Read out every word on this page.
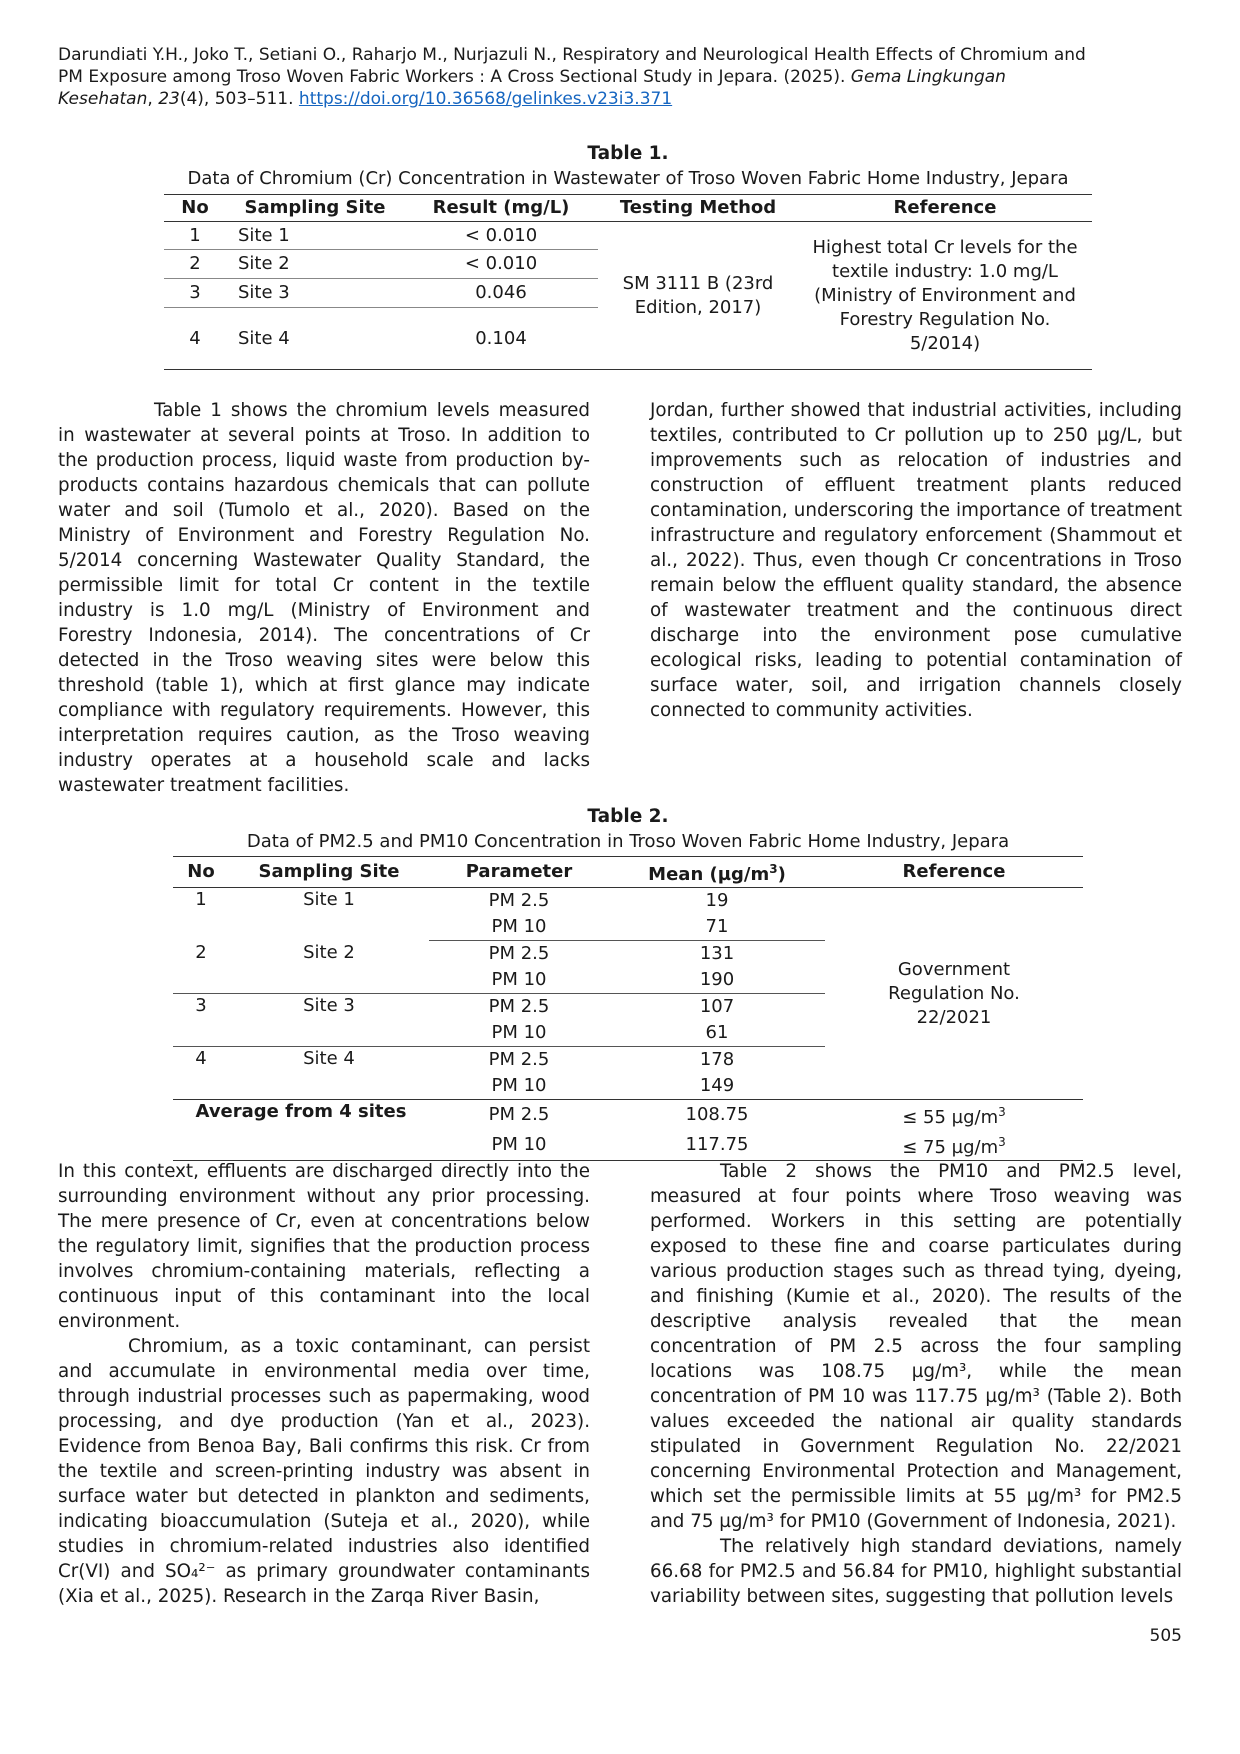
Darundiati Y.H., Joko T., Setiani O., Raharjo M., Nurjazuli N., Respiratory and Neurological Health Effects of Chromium and PM Exposure among Troso Woven Fabric Workers : A Cross Sectional Study in Jepara. (2025). Gema Lingkungan Kesehatan, 23(4), 503–511. https://doi.org/10.36568/gelinkes.v23i3.371
Table 1.
Data of Chromium (Cr) Concentration in Wastewater of Troso Woven Fabric Home Industry, Jepara
No	Sampling Site	Result (mg/L)	Testing Method	Reference
1	Site 1	< 0.010	SM 3111 B (23rd Edition, 2017)	Highest total Cr levels for the textile industry: 1.0 mg/L (Ministry of Environment and Forestry Regulation No. 5/2014)
2	Site 2	< 0.010		
3	Site 3	0.046		
4	Site 4	0.104		

Table 1 shows the chromium levels measured in wastewater at several points at Troso. In addition to the production process, liquid waste from production by-products contains hazardous chemicals that can pollute water and soil (Tumolo et al., 2020). Based on the Ministry of Environment and Forestry Regulation No. 5/2014 concerning Wastewater Quality Standard, the permissible limit for total Cr content in the textile industry is 1.0 mg/L (Ministry of Environment and Forestry Indonesia, 2014). The concentrations of Cr detected in the Troso weaving sites were below this threshold (table 1), which at first glance may indicate compliance with regulatory requirements. However, this interpretation requires caution, as the Troso weaving industry operates at a household scale and lacks wastewater treatment facilities.

Jordan, further showed that industrial activities, including textiles, contributed to Cr pollution up to 250 µg/L, but improvements such as relocation of industries and construction of effluent treatment plants reduced contamination, underscoring the importance of treatment infrastructure and regulatory enforcement (Shammout et al., 2022). Thus, even though Cr concentrations in Troso remain below the effluent quality standard, the absence of wastewater treatment and the continuous direct discharge into the environment pose cumulative ecological risks, leading to potential contamination of surface water, soil, and irrigation channels closely connected to community activities.

Table 2.
Data of PM2.5 and PM10 Concentration in Troso Woven Fabric Home Industry, Jepara
No	Sampling Site	Parameter	Mean $(\mu g/m^3)$	Reference
1	Site 1	PM 2.5	19	Government Regulation No. 22/2021
		PM 10	71	
2	Site 2	PM 2.5	131	
		PM 10	190	
3	Site 3	PM 2.5	107	
		PM 10	61	
4	Site 4	PM 2.5	178	
		PM 10	149	
Average from 4 sites		PM 2.5	108.75	≤ 55 $\mu g/m^3$
		PM 10	117.75	≤ 75 $\mu g/m^3$

In this context, effluents are discharged directly into the surrounding environment without any prior processing. The mere presence of Cr, even at concentrations below the regulatory limit, signifies that the production process involves chromium-containing materials, reflecting a continuous input of this contaminant into the local environment.

Chromium, as a toxic contaminant, can persist and accumulate in environmental media over time, through industrial processes such as papermaking, wood processing, and dye production (Yan et al., 2023). Evidence from Benoa Bay, Bali confirms this risk. Cr from the textile and screen-printing industry was absent in surface water but detected in plankton and sediments, indicating bioaccumulation (Suteja et al., 2020), while studies in chromium-related industries also identified Cr(VI) and SO₄²⁻ as primary groundwater contaminants (Xia et al., 2025). Research in the Zarqa River Basin,

Table 2 shows the PM10 and PM2.5 level, measured at four points where Troso weaving was performed. Workers in this setting are potentially exposed to these fine and coarse particulates during various production stages such as thread tying, dyeing, and finishing (Kumie et al., 2020). The results of the descriptive analysis revealed that the mean concentration of PM 2.5 across the four sampling locations was 108.75 µg/m³, while the mean concentration of PM 10 was 117.75 µg/m³ (Table 2). Both values exceeded the national air quality standards stipulated in Government Regulation No. 22/2021 concerning Environmental Protection and Management, which set the permissible limits at 55 µg/m³ for PM2.5 and 75 µg/m³ for PM10 (Government of Indonesia, 2021).

The relatively high standard deviations, namely 66.68 for PM2.5 and 56.84 for PM10, highlight substantial variability between sites, suggesting that pollution levels

505
